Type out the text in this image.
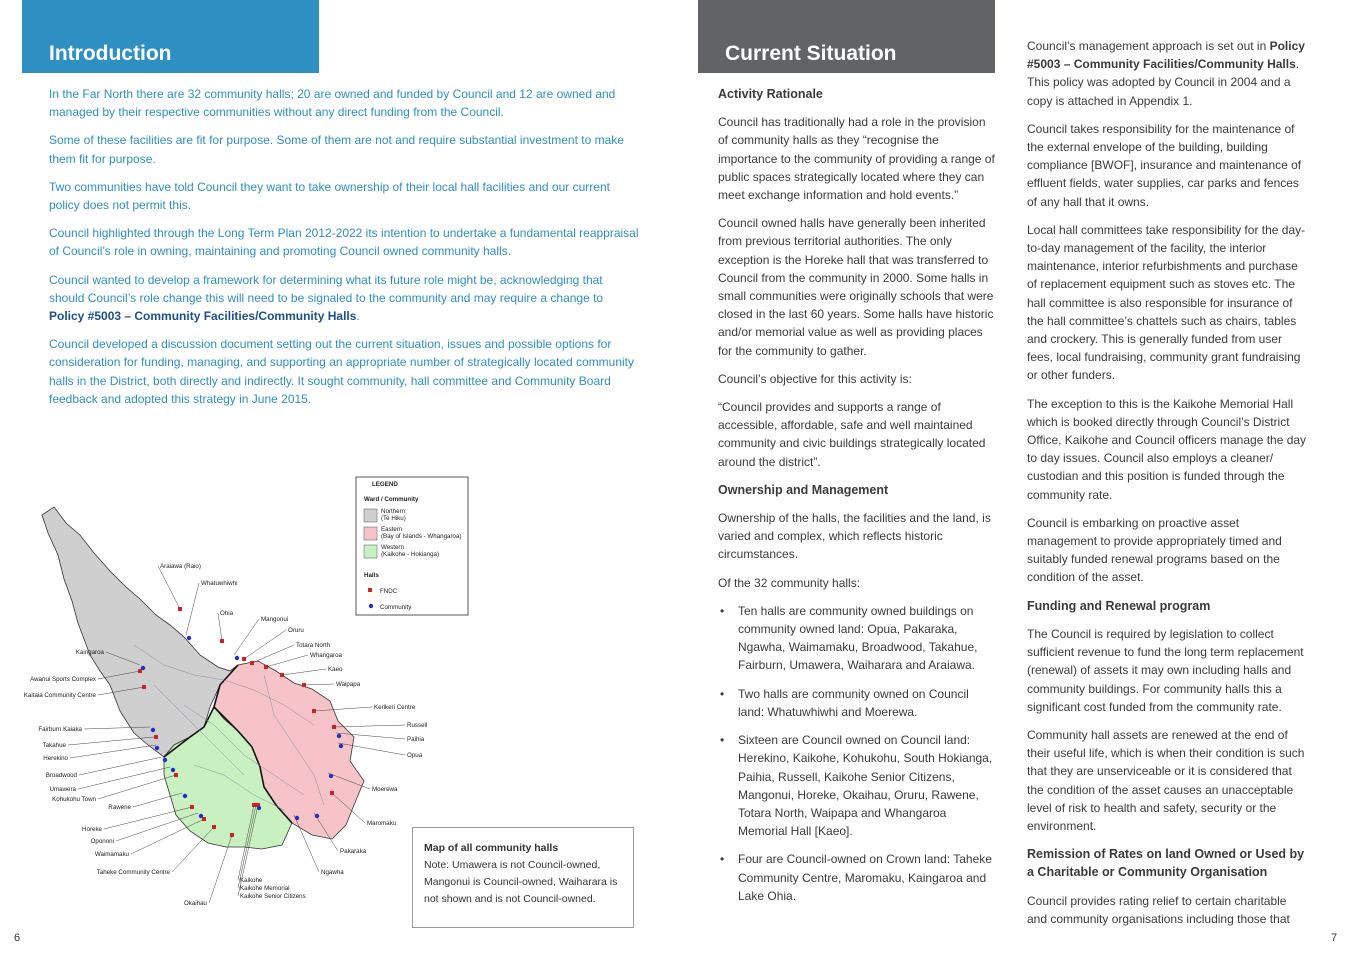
Introduction

In the Far North there are 32 community halls; 20 are owned and funded by Council and 12 are owned and managed by their respective communities without any direct funding from the Council.

Some of these facilities are fit for purpose. Some of them are not and require substantial investment to make them fit for purpose.

Two communities have told Council they want to take ownership of their local hall facilities and our current policy does not permit this.

Council highlighted through the Long Term Plan 2012-2022 its intention to undertake a fundamental reappraisal of Council’s role in owning, maintaining and promoting Council owned community halls.

Council wanted to develop a framework for determining what its future role might be, acknowledging that should Council’s role change this will need to be signaled to the community and may require a change to Policy #5003 – Community Facilities/Community Halls.

Council developed a discussion document setting out the current situation, issues and possible options for consideration for funding, managing, and supporting an appropriate number of strategically located community halls in the District, both directly and indirectly. It sought community, hall committee and Community Board feedback and adopted this strategy in June 2015.

LEGEND
Ward / Community
Northern
(Te Hiku)
Eastern
(Bay of Islands - Whangaroa)
Western
(Kaikohe - Hokianga)
Halls
FNDC
Community
Araiawa (Raio)
Whatuwhiwhi
Ohia
Mangonui
Oruru
Totara North
Whangaroa
Kaeo
Waipapa
Kerikeri Centre
Russell
Paihia
Opua
Moerewa
Maromaku
Pakaraka
Ngawha
Kaingaroa
Awanui Sports Complex
Kaitaia Community Centre
Fairburn Kaiaka
Takahue
Herekino
Broadwood
Umawera
Kohukohu Town
Rawene
Horeke
Opononi
Waimamaku
Taheke Community Centre
Kaikohe
Kaikohe Memorial
Kaikohe Senior Citizens
Okaihau
Map of all community halls
Note: Umawera is not Council-owned, Mangonui is Council-owned, Waiharara is not shown and is not Council-owned.
6
Current Situation
Activity Rationale

Council has traditionally had a role in the provision of community halls as they “recognise the importance to the community of providing a range of public spaces strategically located where they can meet exchange information and hold events.”

Council owned halls have generally been inherited from previous territorial authorities. The only exception is the Horeke hall that was transferred to Council from the community in 2000. Some halls in small communities were originally schools that were closed in the last 60 years. Some halls have historic and/or memorial value as well as providing places for the community to gather.

Council’s objective for this activity is:

“Council provides and supports a range of accessible, affordable, safe and well maintained community and civic buildings strategically located around the district”.

Ownership and Management

Ownership of the halls, the facilities and the land, is varied and complex, which reflects historic circumstances.

Of the 32 community halls:

• Ten halls are community owned buildings on community owned land: Opua, Pakaraka, Ngawha, Waimamaku, Broadwood, Takahue, Fairburn, Umawera, Waiharara and Araiawa.
• Two halls are community owned on Council land: Whatuwhiwhi and Moerewa.
• Sixteen are Council owned on Council land: Herekino, Kaikohe, Kohukohu, South Hokianga, Paihia, Russell, Kaikohe Senior Citizens, Mangonui, Horeke, Okaihau, Oruru, Rawene, Totara North, Waipapa and Whangaroa Memorial Hall [Kaeo].
• Four are Council-owned on Crown land: Taheke Community Centre, Maromaku, Kaingaroa and Lake Ohia.

Council’s management approach is set out in Policy #5003 – Community Facilities/Community Halls. This policy was adopted by Council in 2004 and a copy is attached in Appendix 1.

Council takes responsibility for the maintenance of the external envelope of the building, building compliance [BWOF], insurance and maintenance of effluent fields, water supplies, car parks and fences of any hall that it owns.

Local hall committees take responsibility for the day-to-day management of the facility, the interior maintenance, interior refurbishments and purchase of replacement equipment such as stoves etc. The hall committee is also responsible for insurance of the hall committee’s chattels such as chairs, tables and crockery. This is generally funded from user fees, local fundraising, community grant fundraising or other funders.

The exception to this is the Kaikohe Memorial Hall which is booked directly through Council’s District Office, Kaikohe and Council officers manage the day to day issues. Council also employs a cleaner/ custodian and this position is funded through the community rate.

Council is embarking on proactive asset management to provide appropriately timed and suitably funded renewal programs based on the condition of the asset.

Funding and Renewal program

The Council is required by legislation to collect sufficient revenue to fund the long term replacement (renewal) of assets it may own including halls and community buildings. For community halls this a significant cost funded from the community rate.

Community hall assets are renewed at the end of their useful life, which is when their condition is such that they are unserviceable or it is considered that the condition of the asset causes an unacceptable level of risk to health and safety, security or the environment.

Remission of Rates on land Owned or Used by a Charitable or Community Organisation

Council provides rating relief to certain charitable and community organisations including those that

7
